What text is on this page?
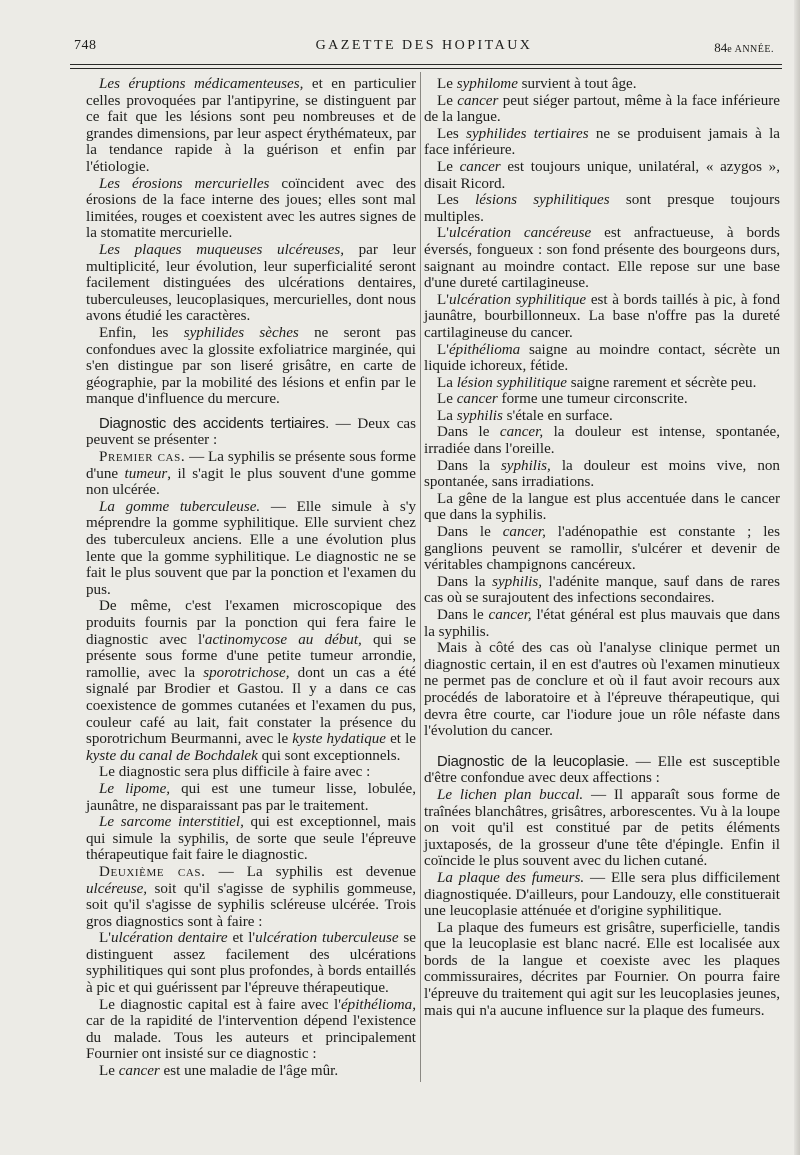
748	GAZETTE DES HOPITAUX	84e ANNÉE.

Les éruptions médicamenteuses, et en particulier celles provoquées par l'antipyrine, se distinguent par ce fait que les lésions sont peu nombreuses et de grandes dimensions, par leur aspect érythémateux, par la tendance rapide à la guérison et enfin par l'étiologie.

Les érosions mercurielles coïncident avec des érosions de la face interne des joues; elles sont mal limitées, rouges et coexistent avec les autres signes de la stomatite mercurielle.

Les plaques muqueuses ulcéreuses, par leur multiplicité, leur évolution, leur superficialité seront facilement distinguées des ulcérations dentaires, tuberculeuses, leucoplasiques, mercurielles, dont nous avons étudié les caractères.

Enfin, les syphilides sèches ne seront pas confondues avec la glossite exfoliatrice marginée, qui s'en distingue par son liseré grisâtre, en carte de géographie, par la mobilité des lésions et enfin par le manque d'influence du mercure.

Diagnostic des accidents tertiaires. — Deux cas peuvent se présenter :

Premier cas. — La syphilis se présente sous forme d'une tumeur, il s'agit le plus souvent d'une gomme non ulcérée.

La gomme tuberculeuse. — Elle simule à s'y méprendre la gomme syphilitique. Elle survient chez des tuberculeux anciens. Elle a une évolution plus lente que la gomme syphilitique. Le diagnostic ne se fait le plus souvent que par la ponction et l'examen du pus.

De même, c'est l'examen microscopique des produits fournis par la ponction qui fera faire le diagnostic avec l'actinomycose au début, qui se présente sous forme d'une petite tumeur arrondie, ramollie, avec la sporotrichose, dont un cas a été signalé par Brodier et Gastou. Il y a dans ce cas coexistence de gommes cutanées et l'examen du pus, couleur café au lait, fait constater la présence du sporotrichum Beurmanni, avec le kyste hydatique et le kyste du canal de Bochdalek qui sont exceptionnels.

Le diagnostic sera plus difficile à faire avec :

Le lipome, qui est une tumeur lisse, lobulée, jaunâtre, ne disparaissant pas par le traitement.

Le sarcome interstitiel, qui est exceptionnel, mais qui simule la syphilis, de sorte que seule l'épreuve thérapeutique fait faire le diagnostic.

Deuxième cas. — La syphilis est devenue ulcéreuse, soit qu'il s'agisse de syphilis gommeuse, soit qu'il s'agisse de syphilis scléreuse ulcérée. Trois gros diagnostics sont à faire :

L'ulcération dentaire et l'ulcération tuberculeuse se distinguent assez facilement des ulcérations syphilitiques qui sont plus profondes, à bords entaillés à pic et qui guérissent par l'épreuve thérapeutique.

Le diagnostic capital est à faire avec l'épithélioma, car de la rapidité de l'intervention dépend l'existence du malade. Tous les auteurs et principalement Fournier ont insisté sur ce diagnostic :

Le cancer est une maladie de l'âge mûr.

Le syphilome survient à tout âge.

Le cancer peut siéger partout, même à la face inférieure de la langue.

Les syphilides tertiaires ne se produisent jamais à la face inférieure.

Le cancer est toujours unique, unilatéral, « azygos », disait Ricord.

Les lésions syphilitiques sont presque toujours multiples.

L'ulcération cancéreuse est anfractueuse, à bords éversés, fongueux : son fond présente des bourgeons durs, saignant au moindre contact. Elle repose sur une base d'une dureté cartilagineuse.

L'ulcération syphilitique est à bords taillés à pic, à fond jaunâtre, bourbillonneux. La base n'offre pas la dureté cartilagineuse du cancer.

L'épithélioma saigne au moindre contact, sécrète un liquide ichoreux, fétide.

La lésion syphilitique saigne rarement et sécrète peu.

Le cancer forme une tumeur circonscrite.

La syphilis s'étale en surface.

Dans le cancer, la douleur est intense, spontanée, irradiée dans l'oreille.

Dans la syphilis, la douleur est moins vive, non spontanée, sans irradiations.

La gêne de la langue est plus accentuée dans le cancer que dans la syphilis.

Dans le cancer, l'adénopathie est constante ; les ganglions peuvent se ramollir, s'ulcérer et devenir de véritables champignons cancéreux.

Dans la syphilis, l'adénite manque, sauf dans de rares cas où se surajoutent des infections secondaires.

Dans le cancer, l'état général est plus mauvais que dans la syphilis.

Mais à côté des cas où l'analyse clinique permet un diagnostic certain, il en est d'autres où l'examen minutieux ne permet pas de conclure et où il faut avoir recours aux procédés de laboratoire et à l'épreuve thérapeutique, qui devra être courte, car l'iodure joue un rôle néfaste dans l'évolution du cancer.

Diagnostic de la leucoplasie. — Elle est susceptible d'être confondue avec deux affections :

Le lichen plan buccal. — Il apparaît sous forme de traînées blanchâtres, grisâtres, arborescentes. Vu à la loupe on voit qu'il est constitué par de petits éléments juxtaposés, de la grosseur d'une tête d'épingle. Enfin il coïncide le plus souvent avec du lichen cutané.

La plaque des fumeurs. — Elle sera plus difficilement diagnostiquée. D'ailleurs, pour Landouzy, elle constituerait une leucoplasie atténuée et d'origine syphilitique.

La plaque des fumeurs est grisâtre, superficielle, tandis que la leucoplasie est blanc nacré. Elle est localisée aux bords de la langue et coexiste avec les plaques commissuraires, décrites par Fournier. On pourra faire l'épreuve du traitement qui agit sur les leucoplasies jeunes, mais qui n'a aucune influence sur la plaque des fumeurs.
